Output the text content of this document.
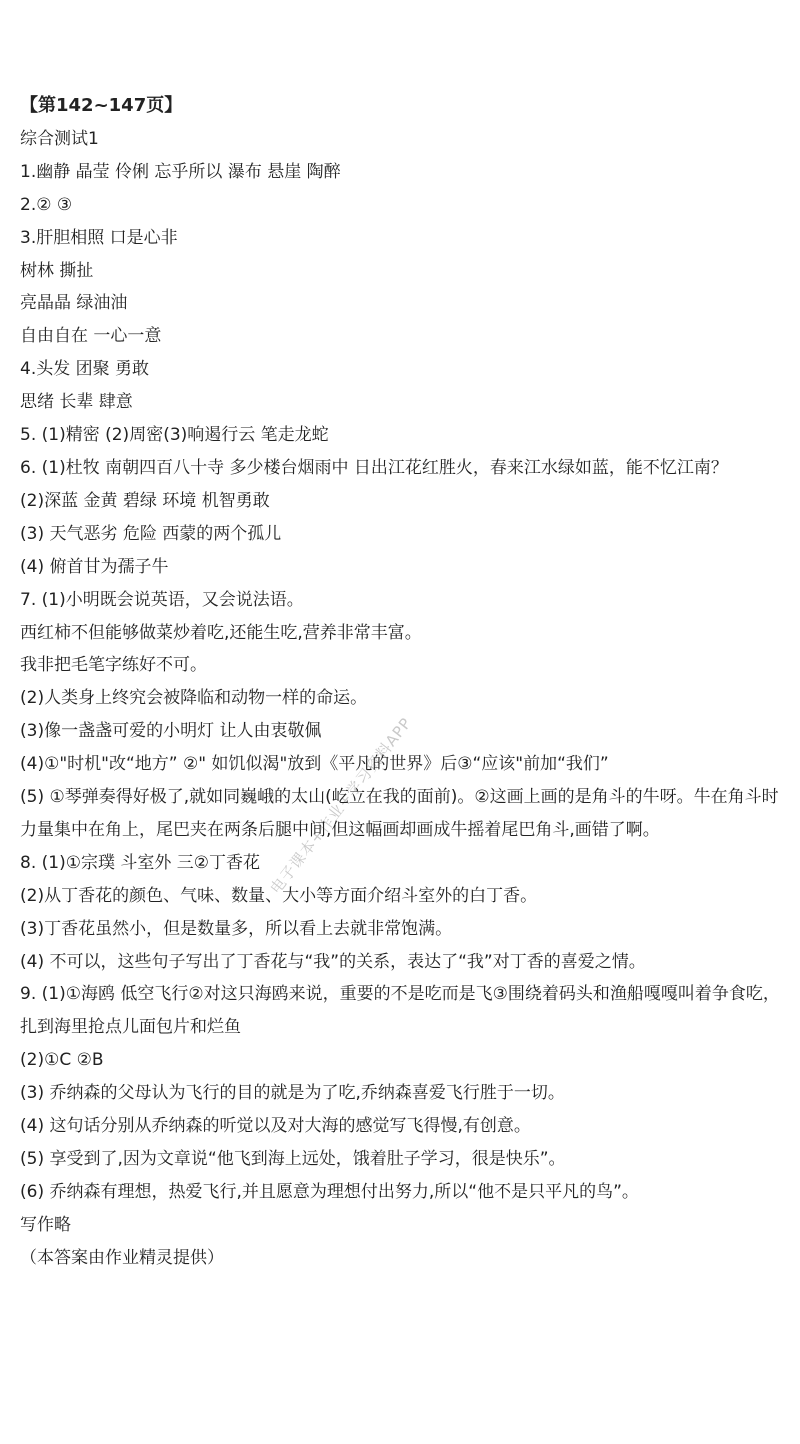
电子课本+作业+学习资料APP
【第142~147页】
综合测试1
1.幽静 晶莹 伶俐 忘乎所以 瀑布 悬崖 陶醉
2.② ③
3.肝胆相照 口是心非
树林 撕扯
亮晶晶 绿油油
自由自在 一心一意
4.头发 团聚 勇敢
思绪 长辈 肆意
5. (1)精密 (2)周密(3)响遏行云 笔走龙蛇
6. (1)杜牧 南朝四百八十寺 多少楼台烟雨中 日出江花红胜火，春来江水绿如蓝，能不忆江南？
(2)深蓝 金黄 碧绿 环境 机智勇敢
(3) 天气恶劣 危险 西蒙的两个孤儿
(4) 俯首甘为孺子牛
7. (1)小明既会说英语，又会说法语。
西红柿不但能够做菜炒着吃,还能生吃,营养非常丰富。
我非把毛笔字练好不可。
(2)人类身上终究会被降临和动物一样的命运。
(3)像一盏盏可爱的小明灯 让人由衷敬佩
(4)①"时机"改“地方” ②" 如饥似渴"放到《平凡的世界》后③“应该"前加“我们”
(5) ①琴弹奏得好极了,就如同巍峨的太山(屹立在我的面前)。②这画上画的是角斗的牛呀。牛在角斗时力量集中在角上，尾巴夹在两条后腿中间,但这幅画却画成牛摇着尾巴角斗,画错了啊。
8. (1)①宗璞 斗室外 三②丁香花
(2)从丁香花的颜色、气味、数量、大小等方面介绍斗室外的白丁香。
(3)丁香花虽然小，但是数量多，所以看上去就非常饱满。
(4) 不可以，这些句子写出了丁香花与“我”的关系，表达了“我”对丁香的喜爱之情。
9. (1)①海鸥 低空飞行②对这只海鸥来说，重要的不是吃而是飞③围绕着码头和渔船嘎嘎叫着争食吃，
扎到海里抢点儿面包片和烂鱼
(2)①C ②B
(3) 乔纳森的父母认为飞行的目的就是为了吃,乔纳森喜爱飞行胜于一切。
(4) 这句话分别从乔纳森的听觉以及对大海的感觉写飞得慢,有创意。
(5) 享受到了,因为文章说“他飞到海上远处，饿着肚子学习，很是快乐”。
(6) 乔纳森有理想，热爱飞行,并且愿意为理想付出努力,所以“他不是只平凡的鸟”。
写作略
（本答案由作业精灵提供）
